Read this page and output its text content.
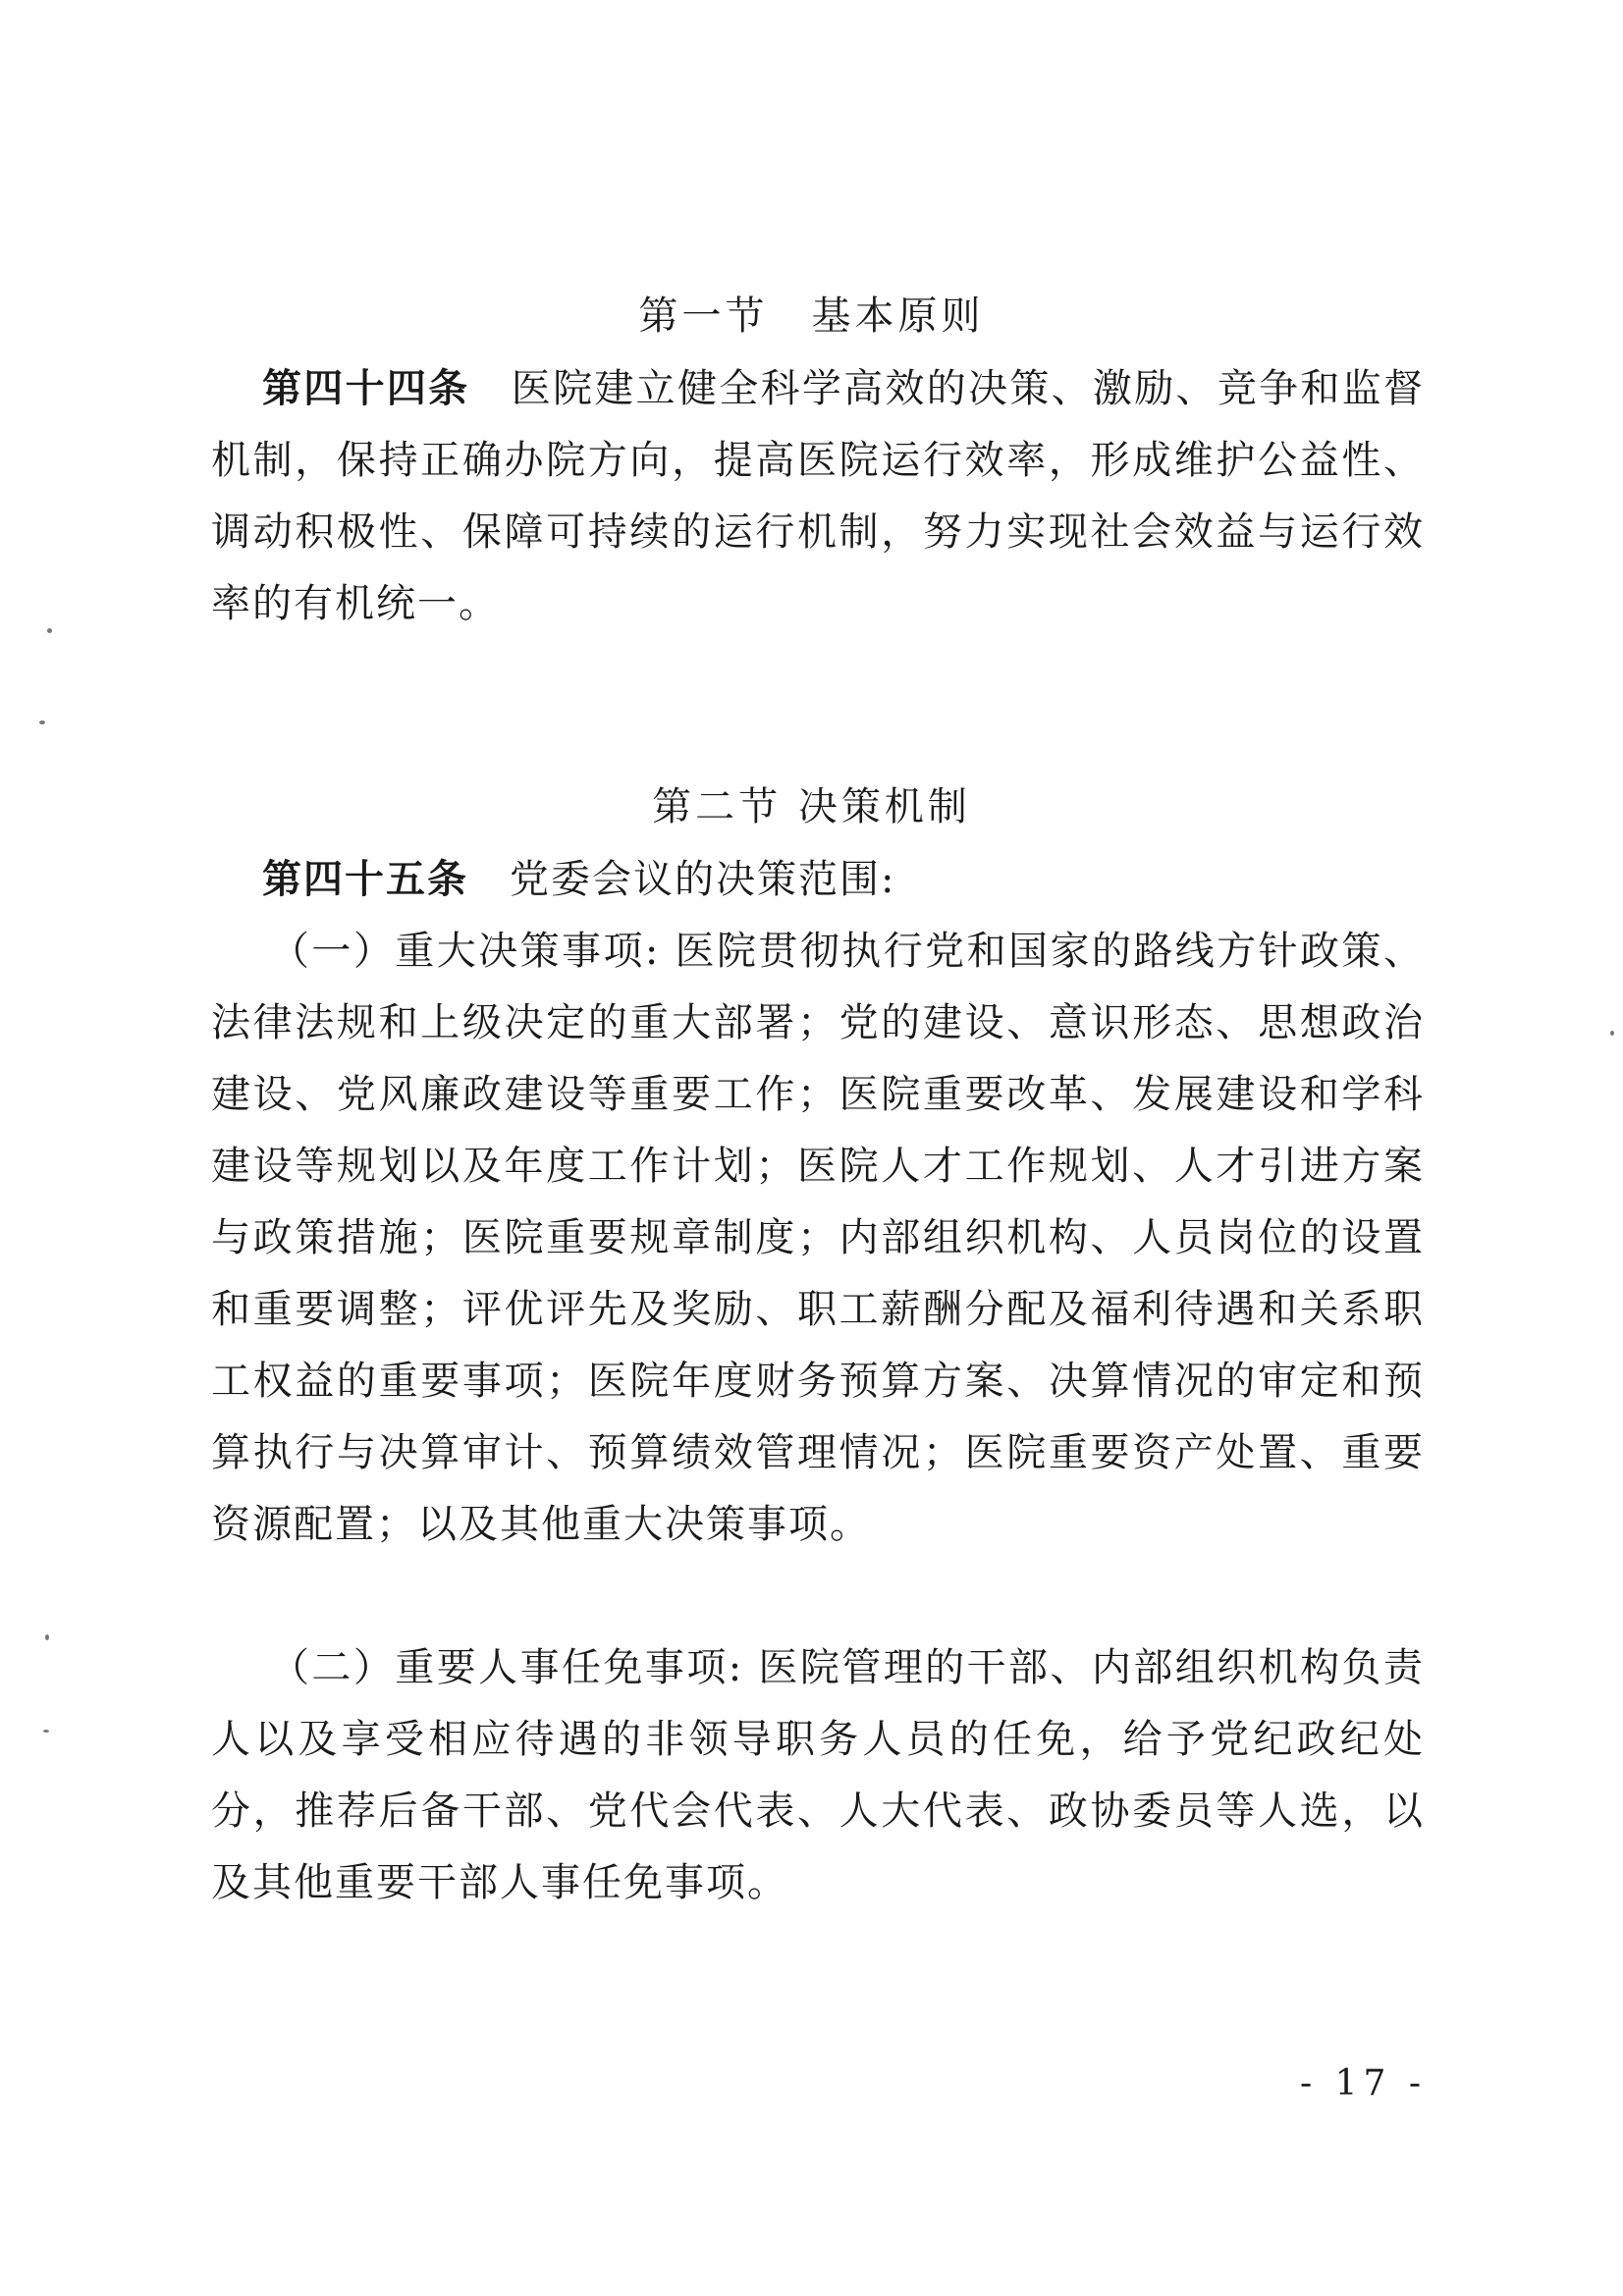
第一节　基本原则

第四十四条　 医院建立健全科学高效的决策、激励、竞争和监督机制，保持正确办院方向，提高医院运行效率，形成维护公益性、 调动积极性、保障可持续的运行机制，努力实现社会效益与运行效率的有机统一。

第二节 决策机制

第四十五条　 党委会议的决策范围:

（一）重大决策事项: 医院贯彻执行党和国家的路线方针政策、法律法规和上级决定的重大部署；党的建设、意识形态、思想政治建设、党风廉政建设等重要工作；医院重要改革、发展建设和学科建设等规划以及年度工作计划；医院人才工作规划、人才引进方案与政策措施；医院重要规章制度；内部组织机构、人员岗位的设置和重要调整；评优评先及奖励、职工薪酬分配及福利待遇和关系职工权益的重要事项；医院年度财务预算方案、决算情况的审定和预算执行与决算审计、预算绩效管理情况；医院重要资产处置、重要资源配置；以及其他重大决策事项。

（二）重要人事任免事项: 医院管理的干部、内部组织机构负责人以及享受相应待遇的非领导职务人员的任免，给予党纪政纪处分，推荐后备干部、党代会代表、人大代表、政协委员等人选，以及其他重要干部人事任免事项。

- 17 -
